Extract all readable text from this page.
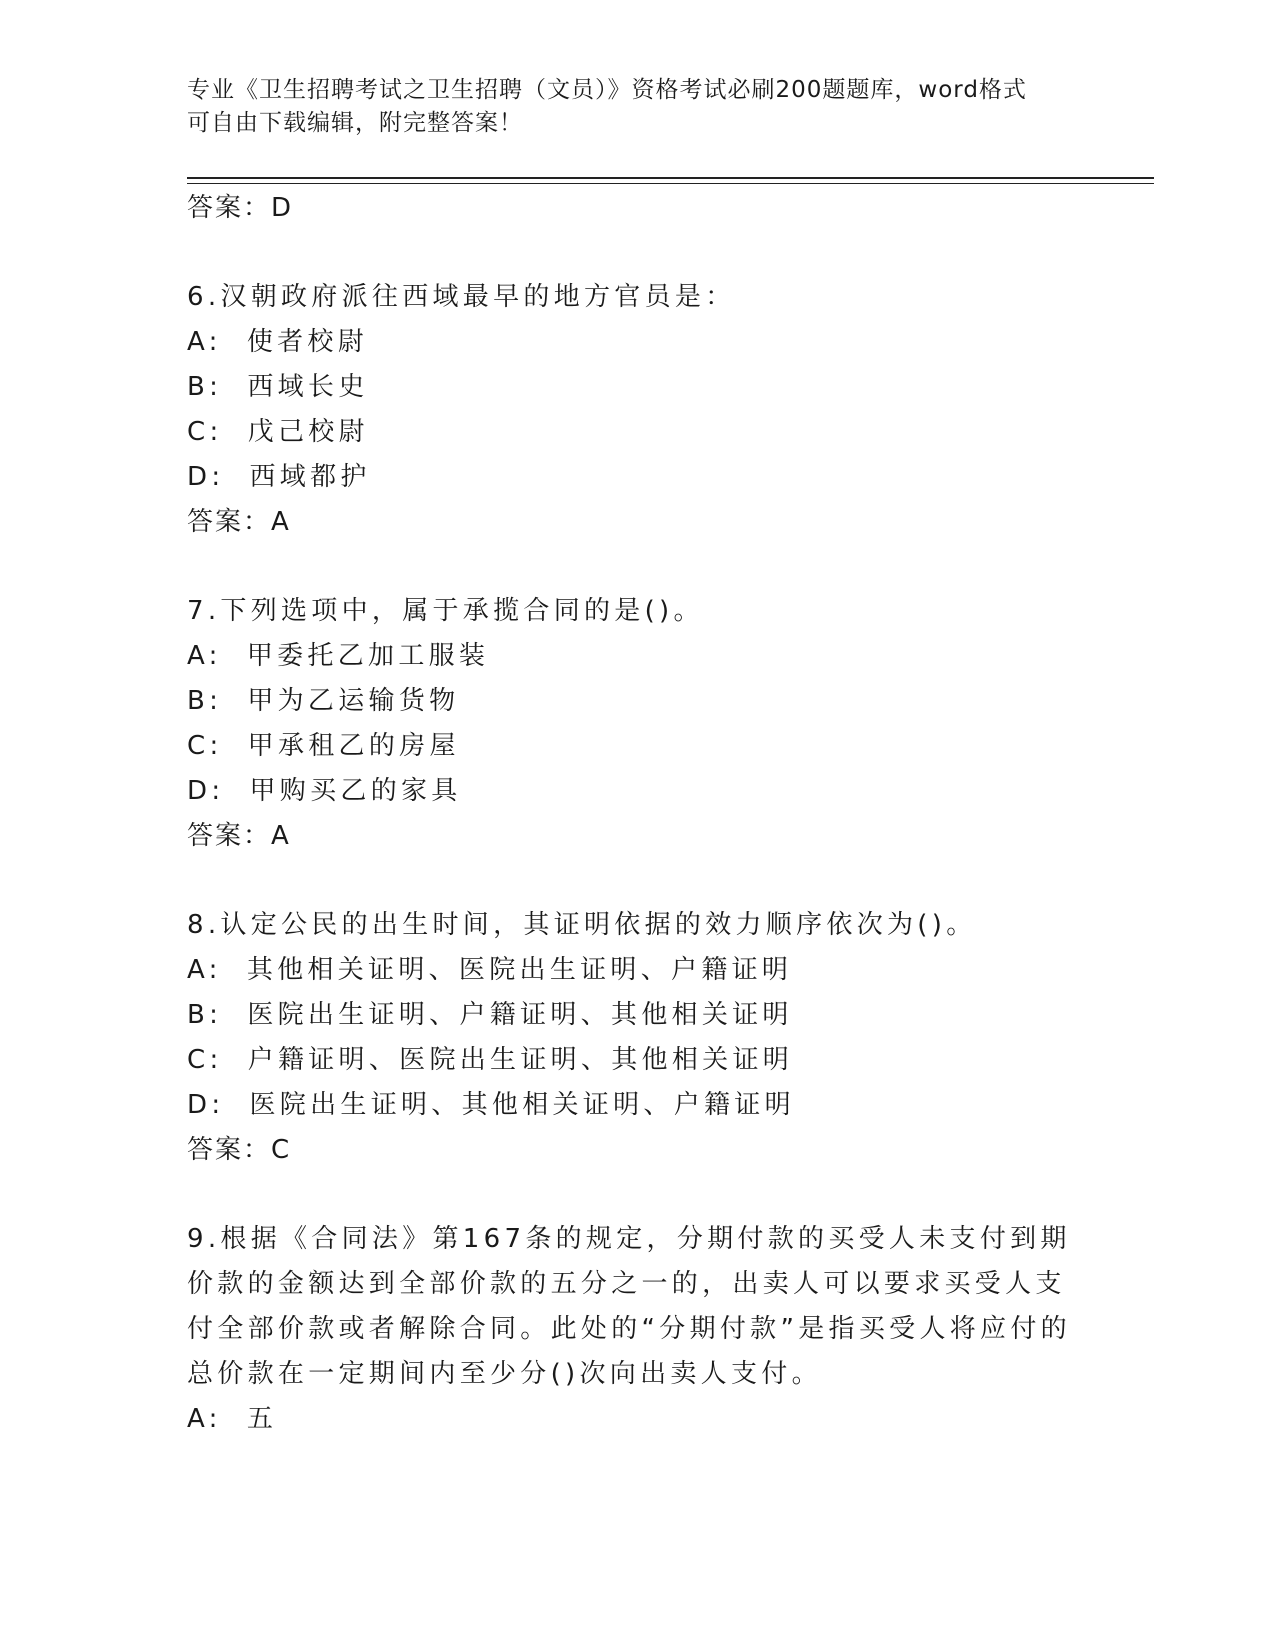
专业《卫生招聘考试之卫生招聘（文员）》资格考试必刷200题题库，word格式
可自由下载编辑，附完整答案！
答案：D
6.汉朝政府派往西域最早的地方官员是：
A:  使者校尉
B:  西域长史
C:  戊己校尉
D:  西域都护
答案：A
7.下列选项中，属于承揽合同的是()。
A:  甲委托乙加工服装
B:  甲为乙运输货物
C:  甲承租乙的房屋
D:  甲购买乙的家具
答案：A
8.认定公民的出生时间，其证明依据的效力顺序依次为()。
A:  其他相关证明、医院出生证明、户籍证明
B:  医院出生证明、户籍证明、其他相关证明
C:  户籍证明、医院出生证明、其他相关证明
D:  医院出生证明、其他相关证明、户籍证明
答案：C
9.根据《合同法》第167条的规定，分期付款的买受人未支付到期价款的金额达到全部价款的五分之一的，出卖人可以要求买受人支付全部价款或者解除合同。此处的“分期付款”是指买受人将应付的总价款在一定期间内至少分()次向出卖人支付。
A:  五
